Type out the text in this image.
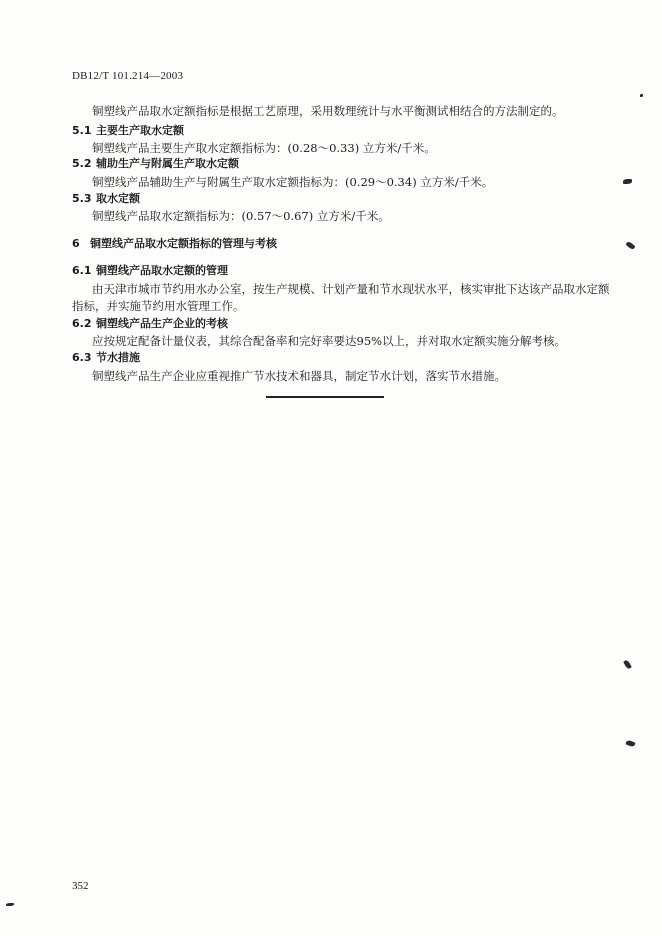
DB12/T 101.214—2003
铜塑线产品取水定额指标是根据工艺原理，采用数理统计与水平衡测试相结合的方法制定的。
5.1 主要生产取水定额
铜塑线产品主要生产取水定额指标为：(0.28～0.33) 立方米/千米。
5.2 辅助生产与附属生产取水定额
铜塑线产品辅助生产与附属生产取水定额指标为：(0.29～0.34) 立方米/千米。
5.3 取水定额
铜塑线产品取水定额指标为：(0.57～0.67) 立方米/千米。
6 铜塑线产品取水定额指标的管理与考核
6.1 铜塑线产品取水定额的管理
由天津市城市节约用水办公室，按生产规模、计划产量和节水现状水平，核实审批下达该产品取水定额
指标，并实施节约用水管理工作。
6.2 铜塑线产品生产企业的考核
应按规定配备计量仪表，其综合配备率和完好率要达95%以上，并对取水定额实施分解考核。
6.3 节水措施
铜塑线产品生产企业应重视推广节水技术和器具，制定节水计划，落实节水措施。
352
